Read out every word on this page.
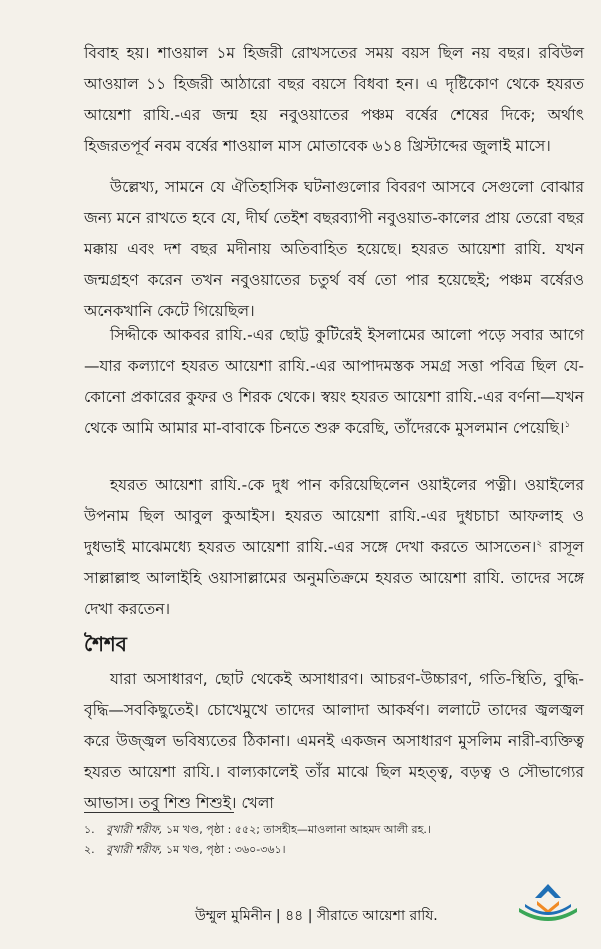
বিবাহ হয়। শাওয়াল ১ম হিজরী রোখসতের সময় বয়স ছিল নয় বছর। রবিউল আওয়াল ১১ হিজরী আঠারো বছর বয়সে বিধবা হন। এ দৃষ্টিকোণ থেকে হযরত আয়েশা রাযি.-এর জন্ম হয় নবুওয়াতের পঞ্চম বর্ষের শেষের দিকে; অর্থাৎ হিজরতপূর্ব নবম বর্ষের শাওয়াল মাস মোতাবেক ৬১৪ খ্রিস্টাব্দের জুলাই মাসে।

উল্লেখ্য, সামনে যে ঐতিহাসিক ঘটনাগুলোর বিবরণ আসবে সেগুলো বোঝার জন্য মনে রাখতে হবে যে, দীর্ঘ তেইশ বছরব্যাপী নবুওয়াত-কালের প্রায় তেরো বছর মক্কায় এবং দশ বছর মদীনায় অতিবাহিত হয়েছে। হযরত আয়েশা রাযি. যখন জন্মগ্রহণ করেন তখন নবুওয়াতের চতুর্থ বর্ষ তো পার হয়েছেই; পঞ্চম বর্ষেরও অনেকখানি কেটে গিয়েছিল।

সিদ্দীকে আকবর রাযি.-এর ছোট্ট কুটিরেই ইসলামের আলো পড়ে সবার আগে—যার কল্যাণে হযরত আয়েশা রাযি.-এর আপাদমস্তক সমগ্র সত্তা পবিত্র ছিল যে-কোনো প্রকারের কুফর ও শিরক থেকে। স্বয়ং হযরত আয়েশা রাযি.-এর বর্ণনা—যখন থেকে আমি আমার মা-বাবাকে চিনতে শুরু করেছি, তাঁদেরকে মুসলমান পেয়েছি।$^১$

হযরত আয়েশা রাযি.-কে দুধ পান করিয়েছিলেন ওয়াইলের পত্নী। ওয়াইলের উপনাম ছিল আবুল কুআইস। হযরত আয়েশা রাযি.-এর দুধচাচা আফলাহ ও দুধভাই মাঝেমধ্যে হযরত আয়েশা রাযি.-এর সঙ্গে দেখা করতে আসতেন।$^২$ রাসূল সাল্লাল্লাহু আলাইহি ওয়াসাল্লামের অনুমতিক্রমে হযরত আয়েশা রাযি. তাদের সঙ্গে দেখা করতেন।

শৈশব

যারা অসাধারণ, ছোট থেকেই অসাধারণ। আচরণ-উচ্চারণ, গতি-স্থিতি, বুদ্ধি-বৃদ্ধি—সবকিছুতেই। চোখেমুখে তাদের আলাদা আকর্ষণ। ললাটে তাদের জ্বলজ্বল করে উজ্জ্বল ভবিষ্যতের ঠিকানা। এমনই একজন অসাধারণ মুসলিম নারী-ব্যক্তিত্ব হযরত আয়েশা রাযি.। বাল্যকালেই তাঁর মাঝে ছিল মহত্ত্ব, বড়ত্ব ও সৌভাগ্যের আভাস। তবু শিশু শিশুই। খেলা

১. বুখারী শরীফ, ১ম খণ্ড, পৃষ্ঠা : ৫৫২; তাসহীহ—মাওলানা আহমদ আলী রহ.।
২. বুখারী শরীফ, ১ম খণ্ড, পৃষ্ঠা : ৩৬০-৩৬১।
উম্মুল মুমিনীন | ৪৪ | সীরাতে আয়েশা রাযি.
